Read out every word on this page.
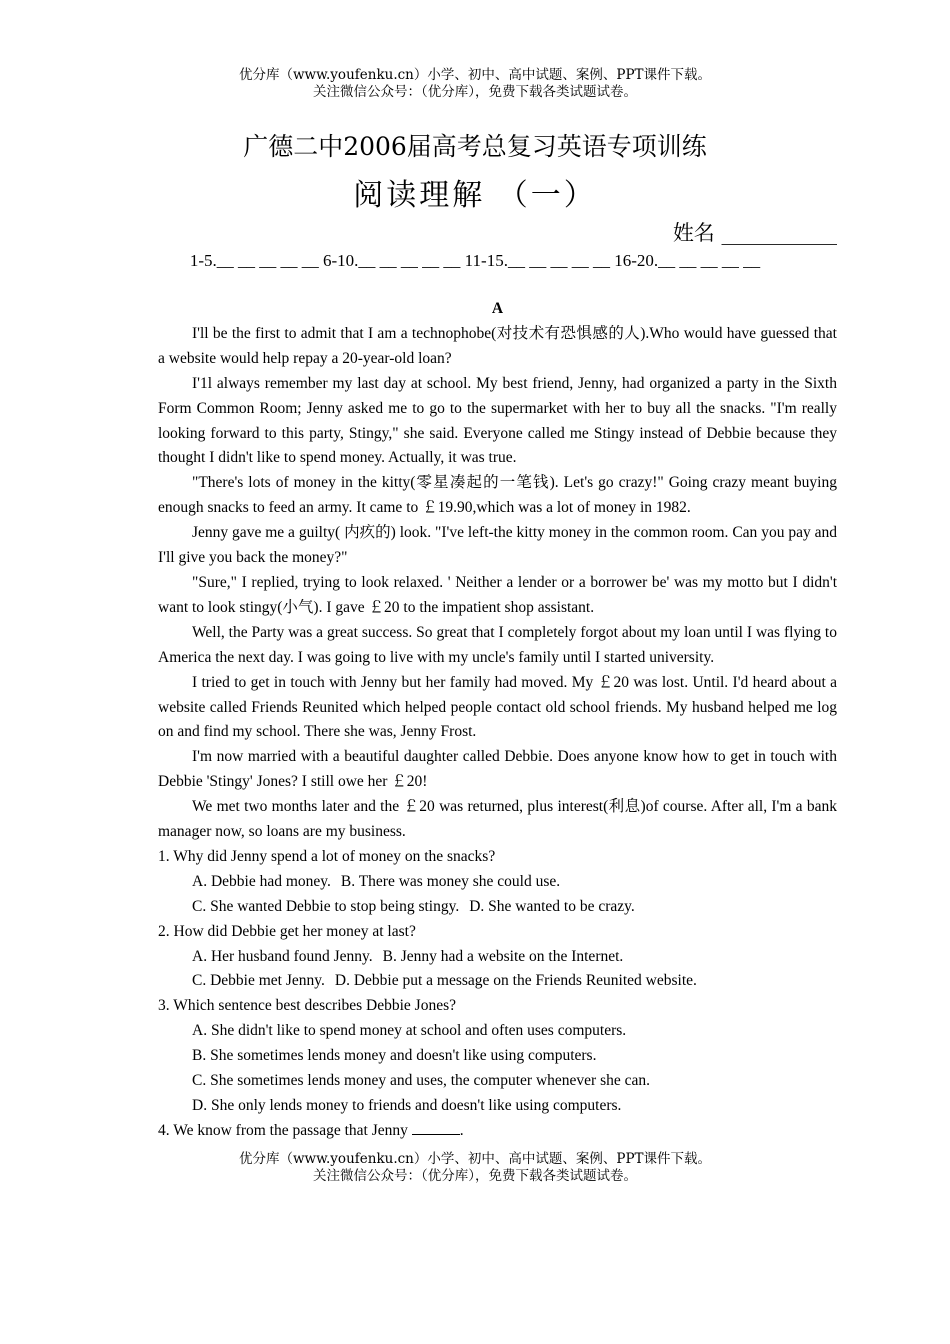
优分库（www.youfenku.cn）小学、初中、高中试题、案例、PPT课件下载。
关注微信公众号：（优分库），免费下载各类试题试卷。
广德二中2006届高考总复习英语专项训练
阅读理解 （一）
姓名 ___________
1-5.__ __ __ __ __ 6-10.__ __ __ __ __ 11-15.__ __ __ __ __ 16-20.__ __ __ __ __

A

I'll be the first to admit that I am a technophobe(对技术有恐惧感的人).Who would have guessed that a website would help repay a 20-year-old loan?

I'1l always remember my last day at school. My best friend, Jenny, had organized a party in the Sixth Form Common Room; Jenny asked me to go to the supermarket with her to buy all the snacks. "I'm really looking forward to this party, Stingy," she said. Everyone called me Stingy instead of Debbie because they thought I didn't like to spend money. Actually, it was true.

"There's lots of money in the kitty(零星凑起的一笔钱). Let's go crazy!" Going crazy meant buying enough snacks to feed an army. It came to ￡19.90,which was a lot of money in 1982.

Jenny gave me a guilty( 内疚的) look. "I've left-the kitty money in the common room. Can you pay and I'll give you back the money?"

"Sure," I replied, trying to look relaxed. ' Neither a lender or a borrower be' was my motto but I didn't want to look stingy(小气). I gave ￡20 to the impatient shop assistant.

Well, the Party was a great success. So great that I completely forgot about my loan until I was flying to America the next day. I was going to live with my uncle's family until I started university.

I tried to get in touch with Jenny but her family had moved. My ￡20 was lost. Until. I'd heard about a website called Friends Reunited which helped people contact old school friends. My husband helped me log on and find my school. There she was, Jenny Frost.

I'm now married with a beautiful daughter called Debbie. Does anyone know how to get in touch with Debbie 'Stingy' Jones? I still owe her ￡20!

We met two months later and the ￡20 was returned, plus interest(利息)of course. After all, I'm a bank manager now, so loans are my business.

1. Why did Jenny spend a lot of money on the snacks?

A. Debbie had money. B. There was money she could use.

C. She wanted Debbie to stop being stingy. D. She wanted to be crazy.

2. How did Debbie get her money at last?

A. Her husband found Jenny. B. Jenny had a website on the Internet.

C. Debbie met Jenny. D. Debbie put a message on the Friends Reunited website.

3. Which sentence best describes Debbie Jones?

A. She didn't like to spend money at school and often uses computers.

B. She sometimes lends money and doesn't like using computers.

C. She sometimes lends money and uses, the computer whenever she can.

D. She only lends money to friends and doesn't like using computers.

4. We know from the passage that Jenny	.

优分库（www.youfenku.cn）小学、初中、高中试题、案例、PPT课件下载。
关注微信公众号：（优分库），免费下载各类试题试卷。
